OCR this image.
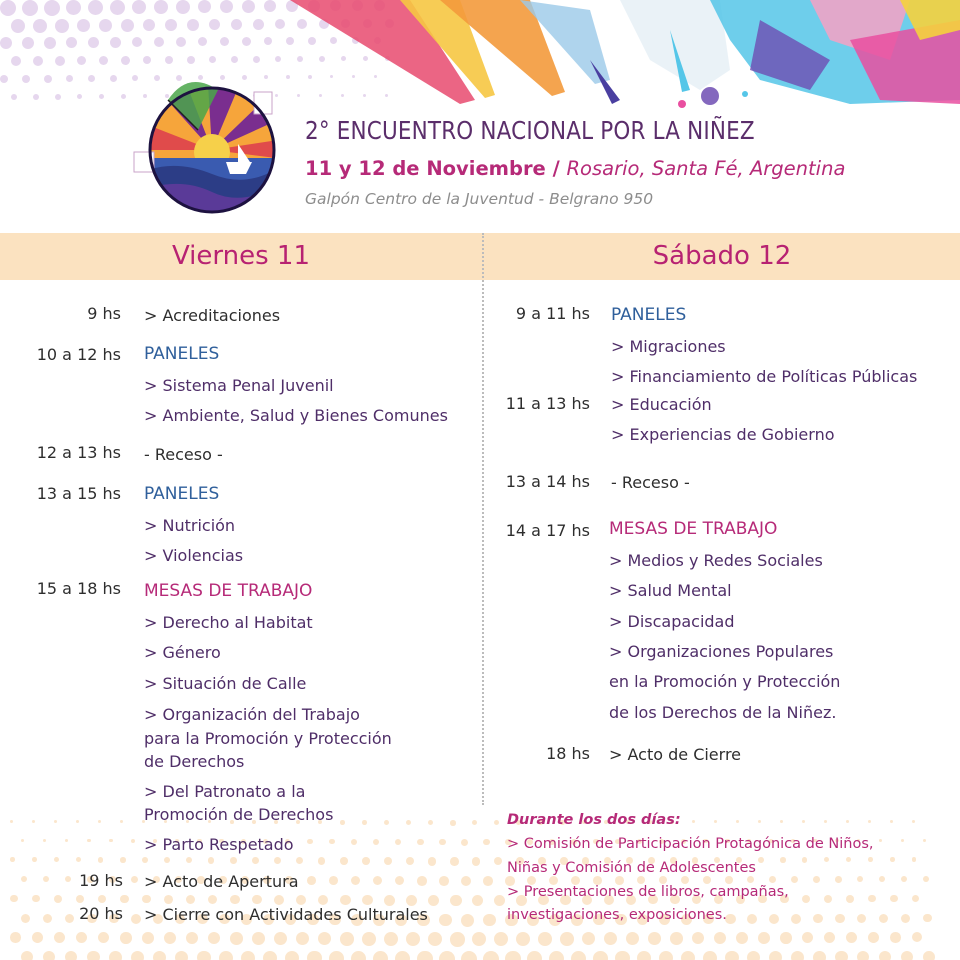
2° ENCUENTRO NACIONAL POR LA NIÑEZ
11 y 12 de Noviembre / Rosario, Santa Fé, Argentina
Galpón Centro de la Juventud - Belgrano 950
Viernes 11	Sábado 12
9 hs
10 a 12 hs
12 a 13 hs
13 a 15 hs
15 a 18 hs
19 hs
20 hs
> Acreditaciones
PANELES
> Sistema Penal Juvenil
> Ambiente, Salud y Bienes Comunes
- Receso -
PANELES
> Nutrición
> Violencias
MESAS DE TRABAJO
> Derecho al Habitat
> Género
> Situación de Calle
> Organización del Trabajo
para la Promoción y Protección
de Derechos
> Del Patronato a la
Promoción de Derechos
> Parto Respetado
> Acto de Apertura
> Cierre con Actividades Culturales
9 a 11 hs
11 a 13 hs
13 a 14 hs
14 a 17 hs
18 hs
PANELES
> Migraciones
> Financiamiento de Políticas Públicas
> Educación
> Experiencias de Gobierno
- Receso -
MESAS DE TRABAJO
> Medios y Redes Sociales
> Salud Mental
> Discapacidad
> Organizaciones Populares
en la Promoción y Protección
de los Derechos de la Niñez.
> Acto de Cierre
Durante los dos días:
> Comisión de Participación Protagónica de Niños,
Niñas y Comisión de Adolescentes
> Presentaciones de libros, campañas,
investigaciones, exposiciones.
